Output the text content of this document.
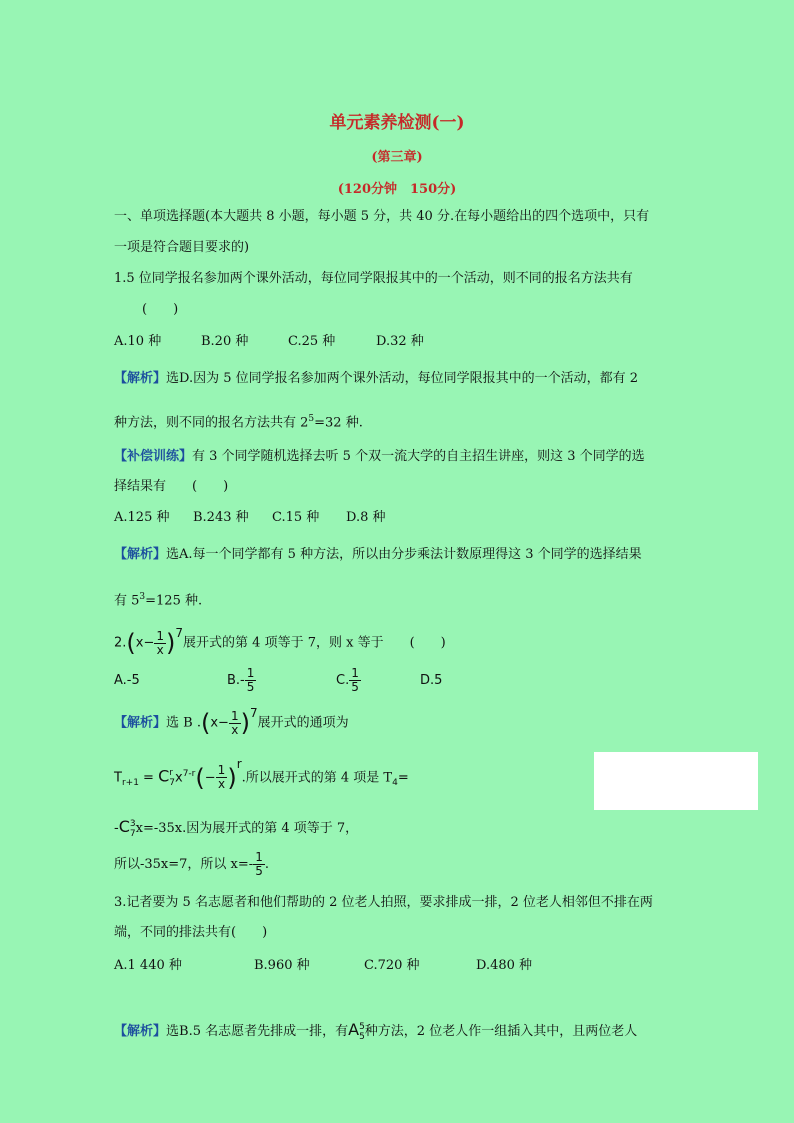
单元素养检测(一)
(第三章)
(120分钟　150分)
一、单项选择题(本大题共 8 小题，每小题 5 分，共 40 分.在每小题给出的四个选项中，只有
一项是符合题目要求的)
1.5 位同学报名参加两个课外活动，每位同学限报其中的一个活动，则不同的报名方法共有
(　　)
A.10 种	B.20 种	C.25 种	D.32 种
【解析】选D.因为 5 位同学报名参加两个课外活动，每位同学限报其中的一个活动，都有 2
种方法，则不同的报名方法共有 $2^5=32$ 种.
【补偿训练】有 3 个同学随机选择去听 5 个双一流大学的自主招生讲座，则这 3 个同学的选
择结果有　　(　　)
A.125 种 B.243 种 C.15 种 D.8 种
【解析】选A.每一个同学都有 5 种方法，所以由分步乘法计数原理得这 3 个同学的选择结果
有 $5^3=125$ 种.
$2.(x- \frac{1}{x} )7$展开式的第 4 项等于 7，则 x 等于　　(　　)
A.-5	$B.- \frac{1}{5}$	C. $\frac{1}{5}$	D.5
【解析】选 B $.(x- \frac{1}{x} )7$展开式的通项为
$T_{r+1} = C$ r
7 $x^{7-r}(- \frac{1}{x} )r$.所以展开式的第 4 项是 $T_4=$
-C 3
7 x=-35x.因为展开式的第 4 项等于 7，
所以-35x=7，所以 $x=- \frac{1}{5}$ .
3.记者要为 5 名志愿者和他们帮助的 2 位老人拍照，要求排成一排，2 位老人相邻但不排在两
端，不同的排法共有(　　)
A.1 440 种	B.960 种	C.720 种	D.480 种
【解析】选B.5 名志愿者先排成一排，有A 5
5 种方法，2 位老人作一组插入其中，且两位老人
